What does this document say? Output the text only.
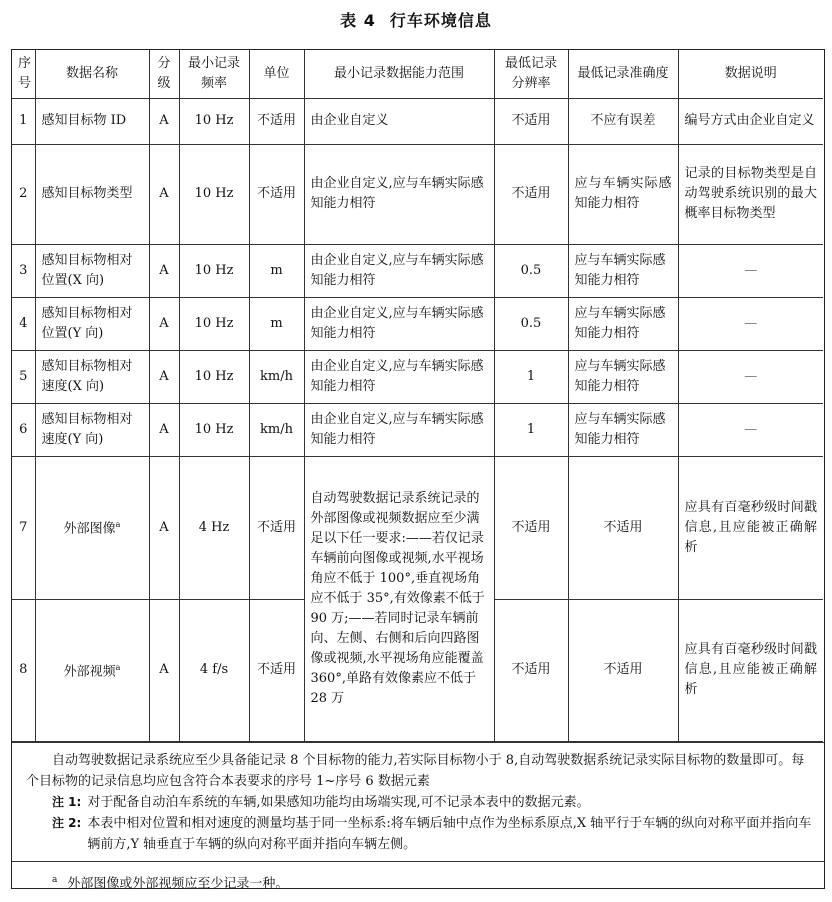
表 4 行车环境信息
序号	数据名称	分级	最小记录频率	单位	最小记录数据能力范围	最低记录分辨率	最低记录准确度	数据说明
1	感知目标物 ID	A	10 Hz	不适用	由企业自定义	不适用	不应有误差	编号方式由企业自定义
2	感知目标物类型	A	10 Hz	不适用	由企业自定义,应与车辆实际感知能力相符	不适用	应与车辆实际感知能力相符	记录的目标物类型是自动驾驶系统识别的最大概率目标物类型
3	感知目标物相对位置(X 向)	A	10 Hz	m	由企业自定义,应与车辆实际感知能力相符	0.5	应与车辆实际感知能力相符	—
4	感知目标物相对位置(Y 向)	A	10 Hz	m	由企业自定义,应与车辆实际感知能力相符	0.5	应与车辆实际感知能力相符	—
5	感知目标物相对速度(X 向)	A	10 Hz	km/h	由企业自定义,应与车辆实际感知能力相符	1	应与车辆实际感知能力相符	—
6	感知目标物相对速度(Y 向)	A	10 Hz	km/h	由企业自定义,应与车辆实际感知能力相符	1	应与车辆实际感知能力相符	—
7	外部图像$^a$	A	4 Hz	不适用	自动驾驶数据记录系统记录的外部图像或视频数据应至少满足以下任一要求:——若仅记录车辆前向图像或视频,水平视场角应不低于 100°,垂直视场角应不低于 35°,有效像素不低于 90 万;——若同时记录车辆前向、左侧、右侧和后向四路图像或视频,水平视场角应能覆盖 360°,单路有效像素应不低于 28 万	不适用	不适用	应具有百毫秒级时间戳信息,且应能被正确解析
8	外部视频$^a$	A	4 f/s	不适用		不适用	不适用	应具有百毫秒级时间戳信息,且应能被正确解析

自动驾驶数据记录系统应至少具备能记录 8 个目标物的能力,若实际目标物小于 8,自动驾驶数据系统记录实际目标物的数量即可。每个目标物的记录信息均应包含符合本表要求的序号 1~序号 6 数据元素

注 1: 对于配备自动泊车系统的车辆,如果感知功能均由场端实现,可不记录本表中的数据元素。
注 2: 本表中相对位置和相对速度的测量均基于同一坐标系:将车辆后轴中点作为坐标系原点,X 轴平行于车辆的纵向对称平面并指向车辆前方,Y 轴垂直于车辆的纵向对称平面并指向车辆左侧。
$^a$ 外部图像或外部视频应至少记录一种。
